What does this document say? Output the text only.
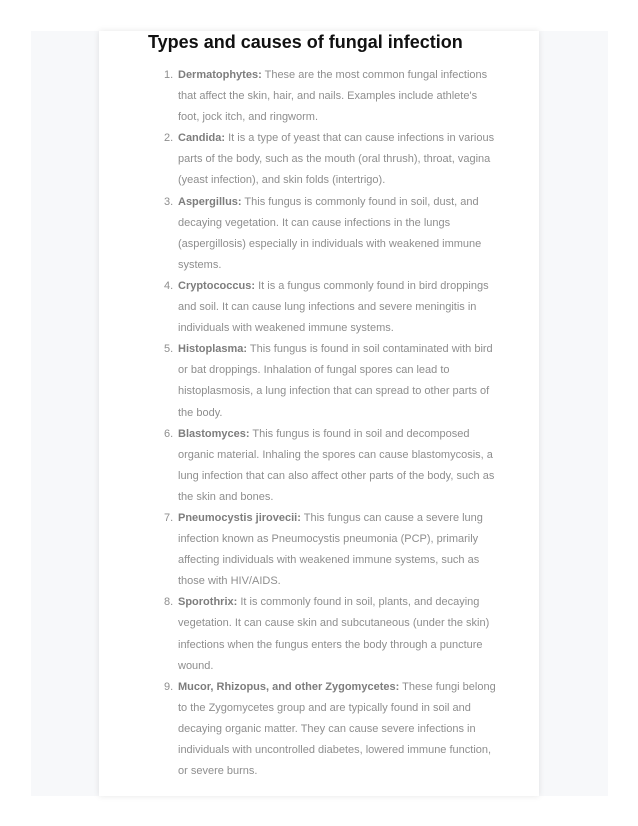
Types and causes of fungal infection
1. Dermatophytes: These are the most common fungal infections that affect the skin, hair, and nails. Examples include athlete's foot, jock itch, and ringworm.
2. Candida: It is a type of yeast that can cause infections in various parts of the body, such as the mouth (oral thrush), throat, vagina (yeast infection), and skin folds (intertrigo).
3. Aspergillus: This fungus is commonly found in soil, dust, and decaying vegetation. It can cause infections in the lungs (aspergillosis) especially in individuals with weakened immune systems.
4. Cryptococcus: It is a fungus commonly found in bird droppings and soil. It can cause lung infections and severe meningitis in individuals with weakened immune systems.
5. Histoplasma: This fungus is found in soil contaminated with bird or bat droppings. Inhalation of fungal spores can lead to histoplasmosis, a lung infection that can spread to other parts of the body.
6. Blastomyces: This fungus is found in soil and decomposed organic material. Inhaling the spores can cause blastomycosis, a lung infection that can also affect other parts of the body, such as the skin and bones.
7. Pneumocystis jirovecii: This fungus can cause a severe lung infection known as Pneumocystis pneumonia (PCP), primarily affecting individuals with weakened immune systems, such as those with HIV/AIDS.
8. Sporothrix: It is commonly found in soil, plants, and decaying vegetation. It can cause skin and subcutaneous (under the skin) infections when the fungus enters the body through a puncture wound.
9. Mucor, Rhizopus, and other Zygomycetes: These fungi belong to the Zygomycetes group and are typically found in soil and decaying organic matter. They can cause severe infections in individuals with uncontrolled diabetes, lowered immune function, or severe burns.
